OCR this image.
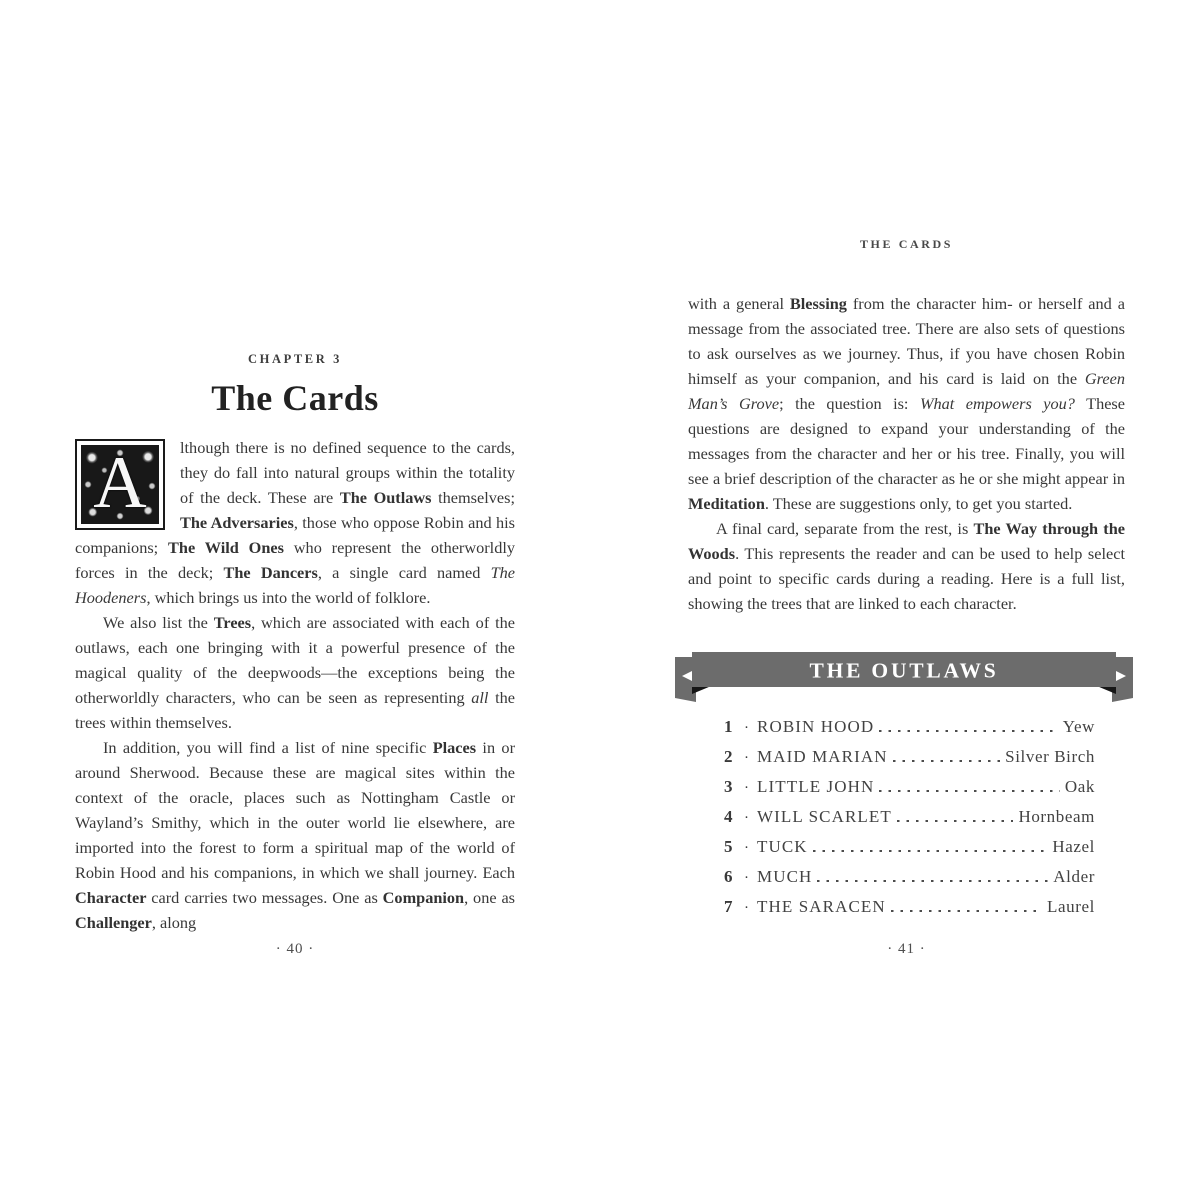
CHAPTER 3
The Cards

A lthough there is no defined sequence to the cards, they do fall into natural groups within the totality of the deck. These are The Outlaws themselves; The Adversaries, those who oppose Robin and his companions; The Wild Ones who represent the otherworldly forces in the deck; The Dancers, a single card named The Hoodeners, which brings us into the world of folklore.

We also list the Trees, which are associated with each of the outlaws, each one bringing with it a powerful presence of the magical quality of the deepwoods—the exceptions being the otherworldly characters, who can be seen as representing all the trees within themselves.

In addition, you will find a list of nine specific Places in or around Sherwood. Because these are magical sites within the context of the oracle, places such as Nottingham Castle or Wayland’s Smithy, which in the outer world lie elsewhere, are imported into the forest to form a spiritual map of the world of Robin Hood and his companions, in which we shall journey. Each Character card carries two messages. One as Companion, one as Challenger, along

· 40 ·
THE CARDS

with a general Blessing from the character him- or herself and a message from the associated tree. There are also sets of questions to ask ourselves as we journey. Thus, if you have chosen Robin himself as your companion, and his card is laid on the Green Man’s Grove; the question is: What empowers you? These questions are designed to expand your understanding of the messages from the character and her or his tree. Finally, you will see a brief description of the character as he or she might appear in Meditation. These are suggestions only, to get you started.

A final card, separate from the rest, is The Way through the Woods. This represents the reader and can be used to help select and point to specific cards during a reading. Here is a full list, showing the trees that are linked to each character.

THE OUTLAWS
1 · ROBIN HOOD	Yew
2 · MAID MARIAN	Silver Birch
3 · LITTLE JOHN	Oak
4 · WILL SCARLET	Hornbeam
5 · TUCK	Hazel
6 · MUCH	Alder
7 · THE SARACEN	Laurel
· 41 ·
